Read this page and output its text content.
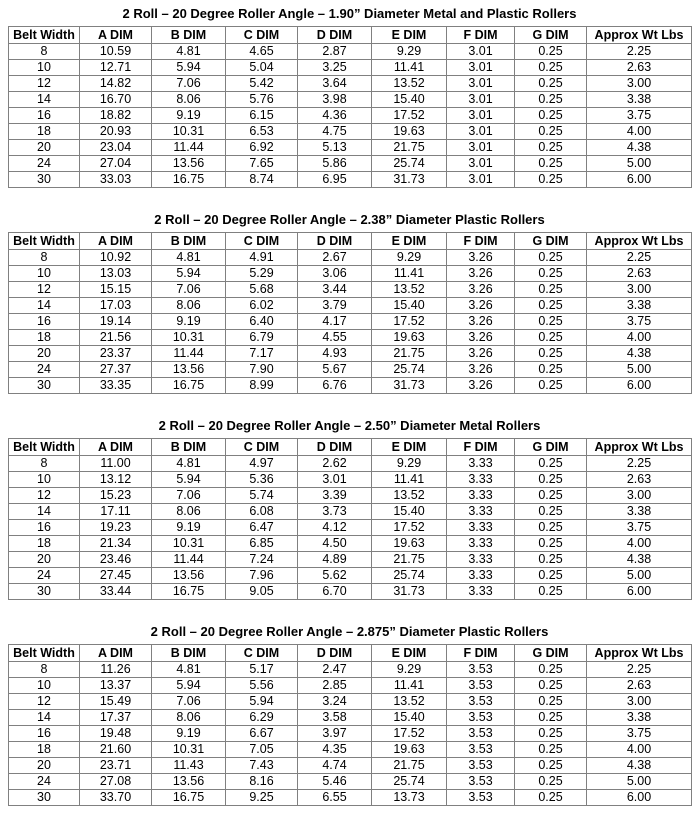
2 Roll – 20 Degree Roller Angle – 1.90” Diameter Metal and Plastic Rollers
Belt Width	A DIM	B DIM	C DIM	D DIM	E DIM	F DIM	G DIM	Approx Wt Lbs
8	10.59	4.81	4.65	2.87	9.29	3.01	0.25	2.25
10	12.71	5.94	5.04	3.25	11.41	3.01	0.25	2.63
12	14.82	7.06	5.42	3.64	13.52	3.01	0.25	3.00
14	16.70	8.06	5.76	3.98	15.40	3.01	0.25	3.38
16	18.82	9.19	6.15	4.36	17.52	3.01	0.25	3.75
18	20.93	10.31	6.53	4.75	19.63	3.01	0.25	4.00
20	23.04	11.44	6.92	5.13	21.75	3.01	0.25	4.38
24	27.04	13.56	7.65	5.86	25.74	3.01	0.25	5.00
30	33.03	16.75	8.74	6.95	31.73	3.01	0.25	6.00
2 Roll – 20 Degree Roller Angle – 2.38” Diameter Plastic Rollers
Belt Width	A DIM	B DIM	C DIM	D DIM	E DIM	F DIM	G DIM	Approx Wt Lbs
8	10.92	4.81	4.91	2.67	9.29	3.26	0.25	2.25
10	13.03	5.94	5.29	3.06	11.41	3.26	0.25	2.63
12	15.15	7.06	5.68	3.44	13.52	3.26	0.25	3.00
14	17.03	8.06	6.02	3.79	15.40	3.26	0.25	3.38
16	19.14	9.19	6.40	4.17	17.52	3.26	0.25	3.75
18	21.56	10.31	6.79	4.55	19.63	3.26	0.25	4.00
20	23.37	11.44	7.17	4.93	21.75	3.26	0.25	4.38
24	27.37	13.56	7.90	5.67	25.74	3.26	0.25	5.00
30	33.35	16.75	8.99	6.76	31.73	3.26	0.25	6.00
2 Roll – 20 Degree Roller Angle – 2.50” Diameter Metal Rollers
Belt Width	A DIM	B DIM	C DIM	D DIM	E DIM	F DIM	G DIM	Approx Wt Lbs
8	11.00	4.81	4.97	2.62	9.29	3.33	0.25	2.25
10	13.12	5.94	5.36	3.01	11.41	3.33	0.25	2.63
12	15.23	7.06	5.74	3.39	13.52	3.33	0.25	3.00
14	17.11	8.06	6.08	3.73	15.40	3.33	0.25	3.38
16	19.23	9.19	6.47	4.12	17.52	3.33	0.25	3.75
18	21.34	10.31	6.85	4.50	19.63	3.33	0.25	4.00
20	23.46	11.44	7.24	4.89	21.75	3.33	0.25	4.38
24	27.45	13.56	7.96	5.62	25.74	3.33	0.25	5.00
30	33.44	16.75	9.05	6.70	31.73	3.33	0.25	6.00
2 Roll – 20 Degree Roller Angle – 2.875” Diameter Plastic Rollers
Belt Width	A DIM	B DIM	C DIM	D DIM	E DIM	F DIM	G DIM	Approx Wt Lbs
8	11.26	4.81	5.17	2.47	9.29	3.53	0.25	2.25
10	13.37	5.94	5.56	2.85	11.41	3.53	0.25	2.63
12	15.49	7.06	5.94	3.24	13.52	3.53	0.25	3.00
14	17.37	8.06	6.29	3.58	15.40	3.53	0.25	3.38
16	19.48	9.19	6.67	3.97	17.52	3.53	0.25	3.75
18	21.60	10.31	7.05	4.35	19.63	3.53	0.25	4.00
20	23.71	11.43	7.43	4.74	21.75	3.53	0.25	4.38
24	27.08	13.56	8.16	5.46	25.74	3.53	0.25	5.00
30	33.70	16.75	9.25	6.55	13.73	3.53	0.25	6.00
